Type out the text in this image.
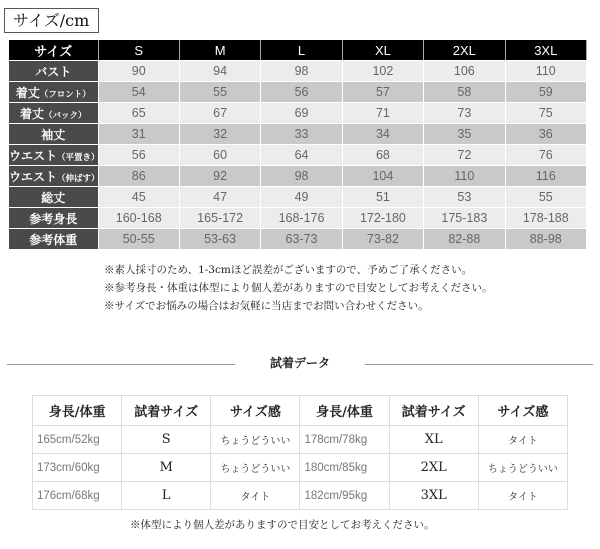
サイズ/cm
サイズ	S	M	L	XL	2XL	3XL
バスト	90	94	98	102	106	110
着丈（フロント）	54	55	56	57	58	59
着丈（バック）	65	67	69	71	73	75
袖丈	31	32	33	34	35	36
ウエスト（平置き）	56	60	64	68	72	76
ウエスト（伸ばす）	86	92	98	104	110	116
総丈	45	47	49	51	53	55
参考身長	160-168	165-172	168-176	172-180	175-183	178-188
参考体重	50-55	53-63	63-73	73-82	82-88	88-98
※素人採寸のため、1-3cmほど誤差がございますので、予めご了承ください。
※参考身長・体重は体型により個人差がありますので目安としてお考えください。
※サイズでお悩みの場合はお気軽に当店までお問い合わせください。
試着データ
身長/体重	試着サイズ	サイズ感	身長/体重	試着サイズ	サイズ感
165cm/52kg	S	ちょうどういい	178cm/78kg	XL	タイト
173cm/60kg	M	ちょうどういい	180cm/85kg	2XL	ちょうどういい
176cm/68kg	L	タイト	182cm/95kg	3XL	タイト
※体型により個人差がありますので目安としてお考えください。
